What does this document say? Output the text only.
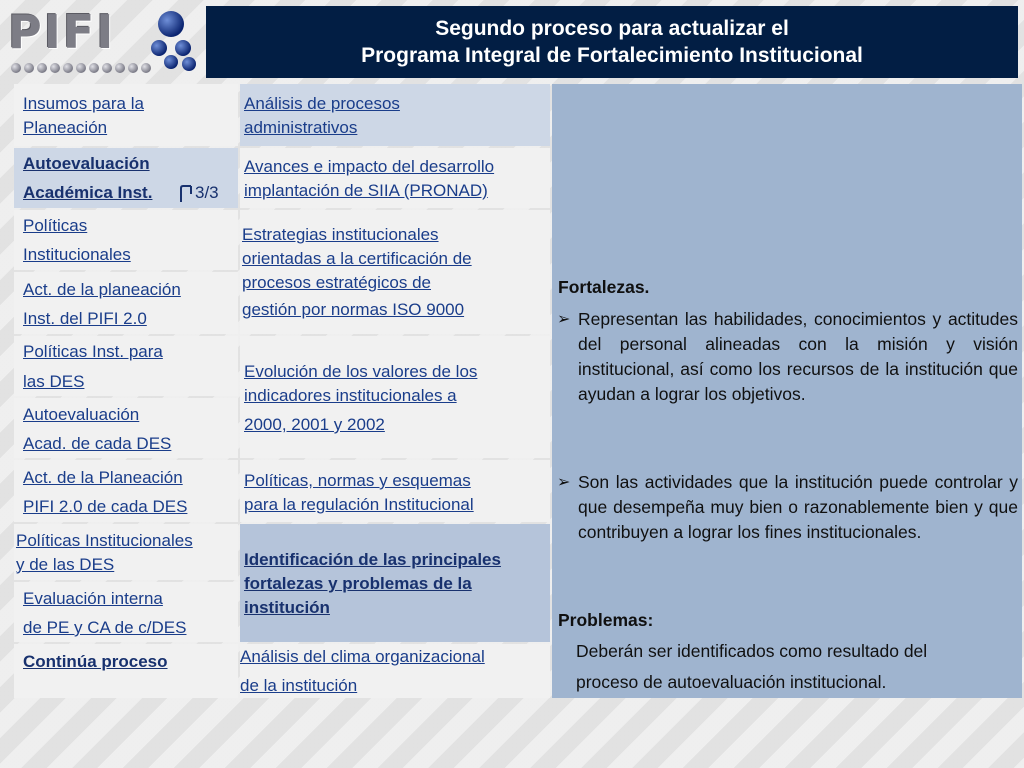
PIFI	Segundo proceso para actualizar el
Programa Integral de Fortalecimiento Institucional
Insumos para la
Planeación
Autoevaluación
Académica Inst.	3/3
Políticas
Institucionales
Act. de la planeación
Inst. del PIFI 2.0
Políticas Inst. para
las DES
Autoevaluación
Acad. de cada DES
Act. de la Planeación
PIFI 2.0 de cada DES
Políticas Institucionales
y de las DES
Evaluación interna
de PE y CA de c/DES
Continúa proceso
Análisis de procesos
administrativos
Avances e impacto del desarrollo
implantación de SIIA (PRONAD)
Estrategias institucionales
orientadas a la certificación de
procesos estratégicos de
gestión por normas ISO 9000
Evolución de los valores de los
indicadores institucionales a
2000, 2001 y 2002
Políticas, normas y esquemas
para la regulación Institucional
Identificación de las principales
fortalezas y problemas de la
institución
Análisis del clima organizacional
de la institución
Fortalezas.
➢ Representan las habilidades, conocimientos y actitudes del personal alineadas con la misión y visión institucional, así como los recursos de la institución que ayudan a lograr los objetivos.
➢ Son las actividades que la institución puede controlar y que desempeña muy bien o razonablemente bien y que contribuyen a lograr los fines institucionales.
Problemas:
Deberán ser identificados como resultado del
proceso de autoevaluación institucional.
